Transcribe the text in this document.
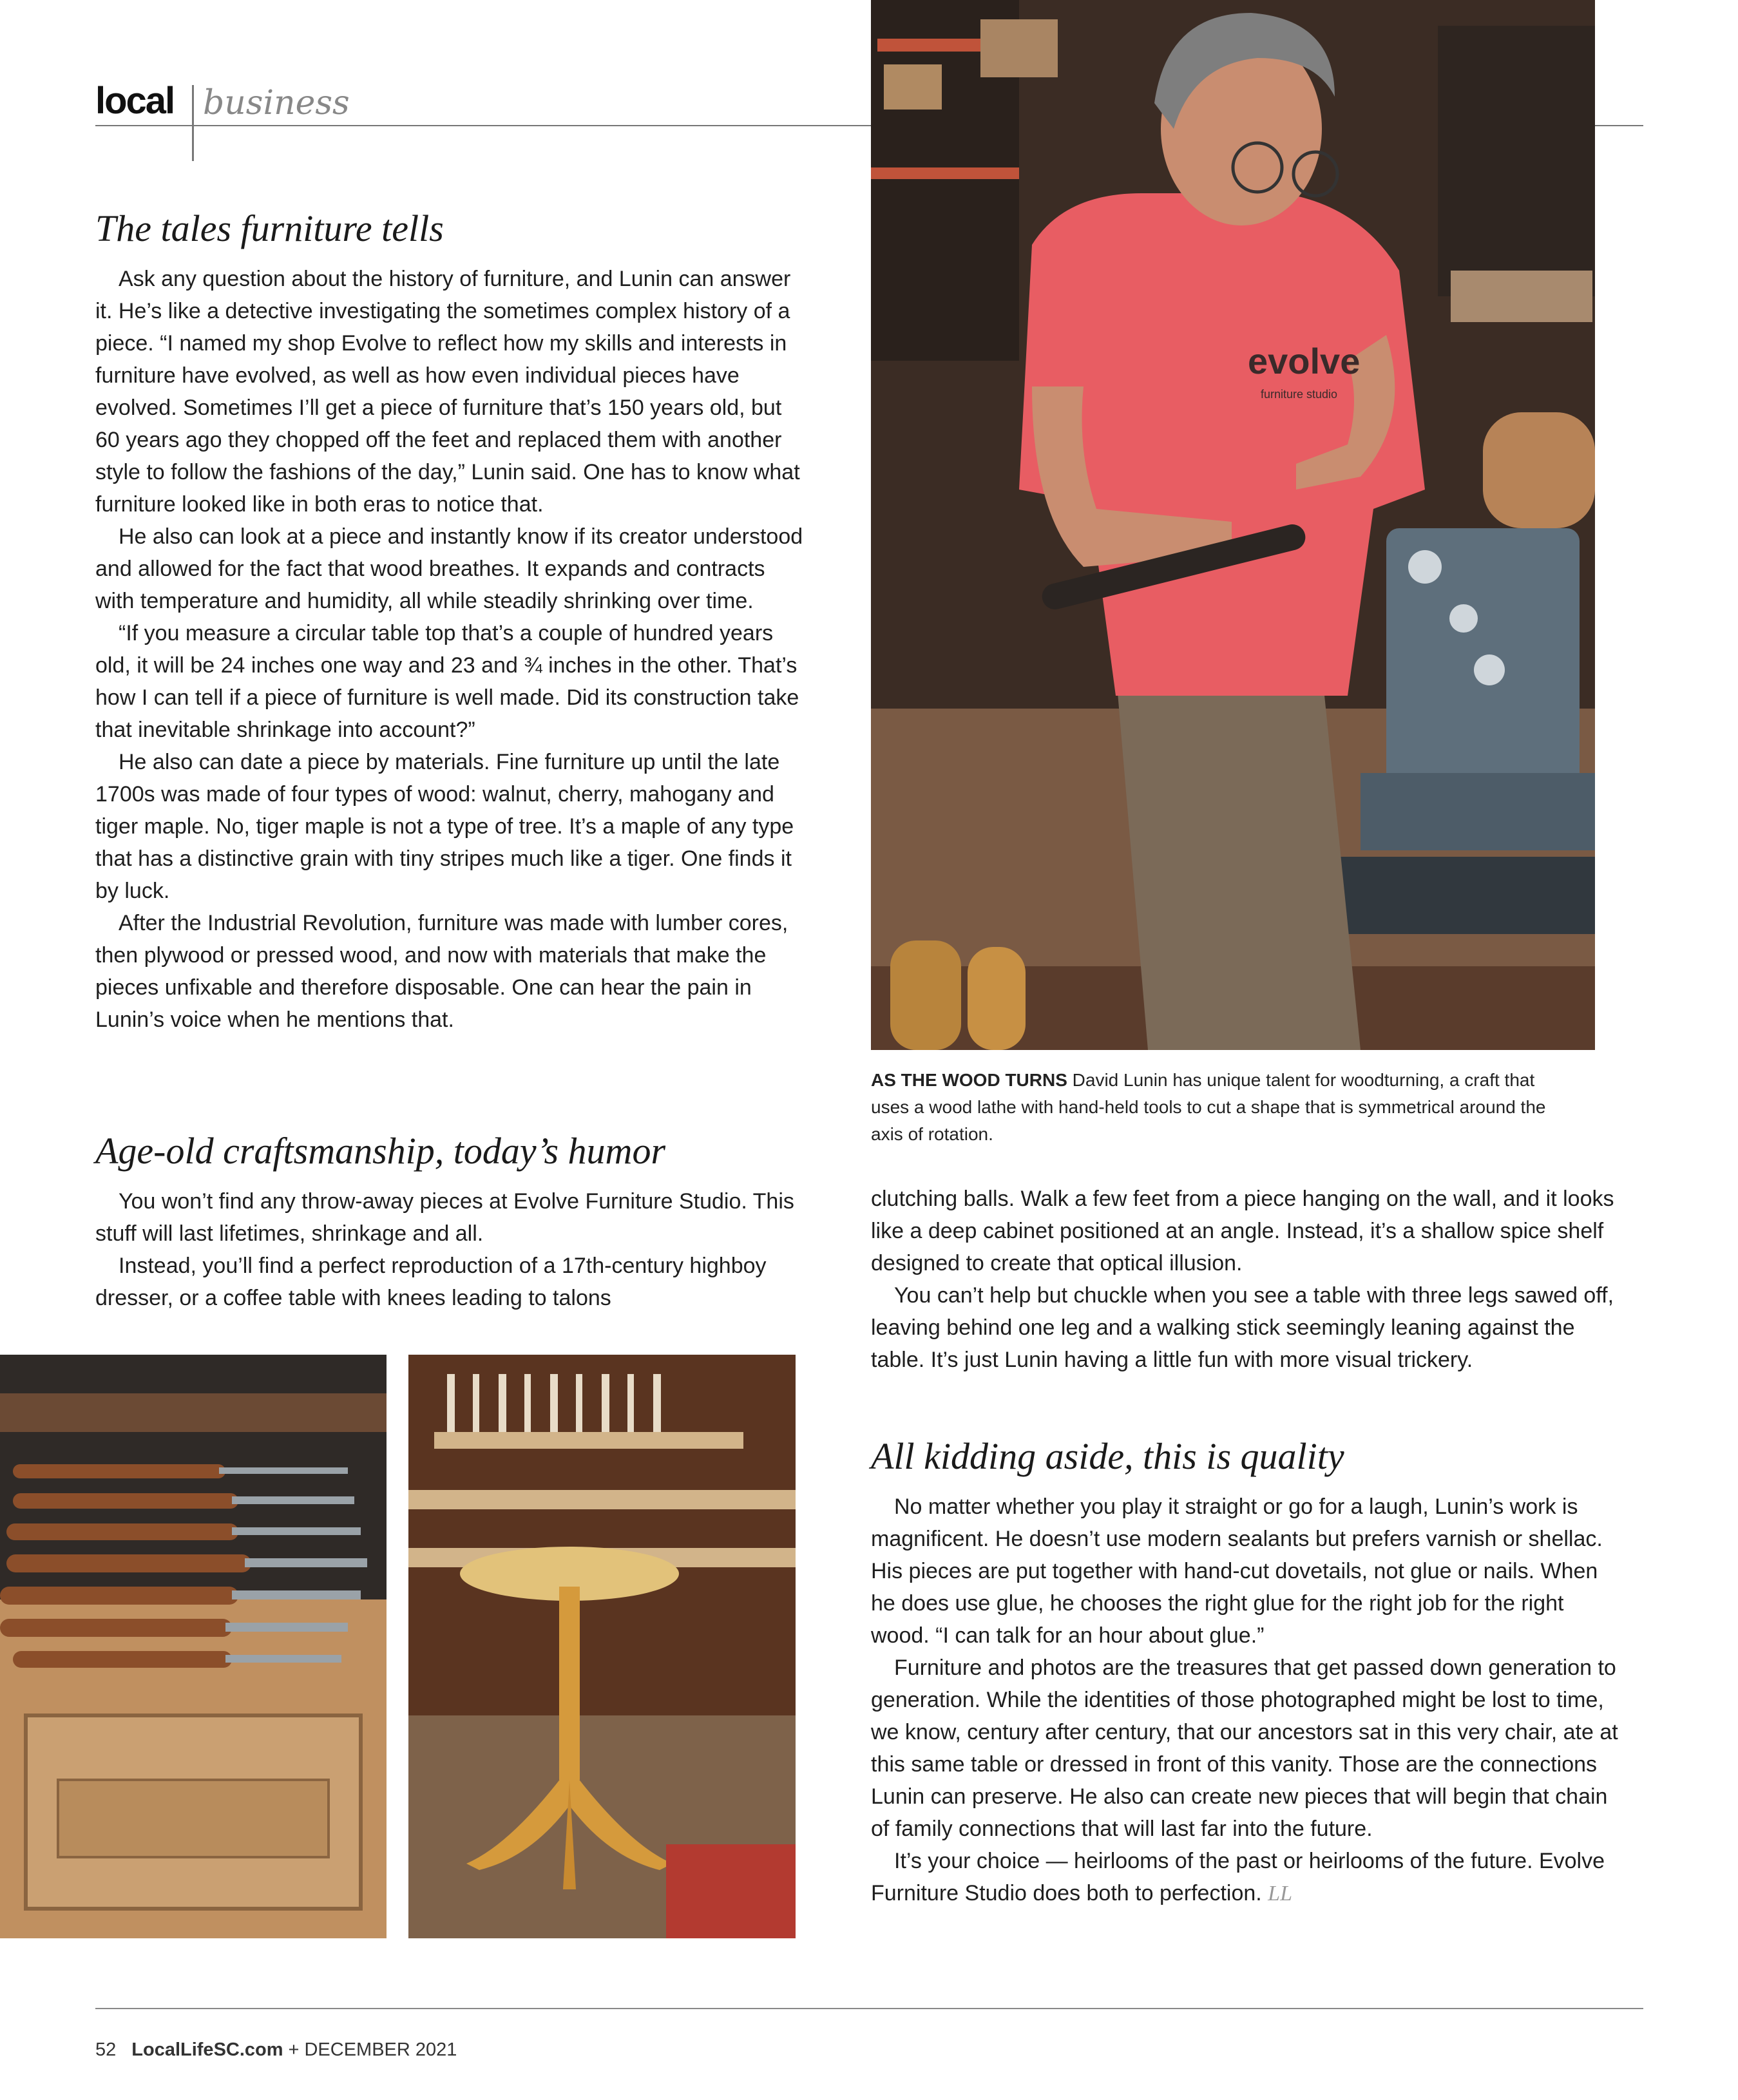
local business
evolve
furniture studio
AS THE WOOD TURNS David Lunin has unique talent for woodturning, a craft that uses a wood lathe with hand-held tools to cut a shape that is symmetrical around the axis of rotation.
The tales furniture tells

Ask any question about the history of furniture, and Lunin can answer it. He’s like a detective investigating the sometimes complex history of a piece. “I named my shop Evolve to reflect how my skills and interests in furniture have evolved, as well as how even individual pieces have evolved. Sometimes I’ll get a piece of furniture that’s 150 years old, but 60 years ago they chopped off the feet and replaced them with another style to follow the fashions of the day,” Lunin said. One has to know what furniture looked like in both eras to notice that.

He also can look at a piece and instantly know if its creator understood and allowed for the fact that wood breathes. It expands and contracts with temperature and humidity, all while steadily shrinking over time.

“If you measure a circular table top that’s a couple of hundred years old, it will be 24 inches one way and 23 and ¾ inches in the other. That’s how I can tell if a piece of furniture is well made. Did its construction take that inevitable shrinkage into account?”

He also can date a piece by materials. Fine furniture up until the late 1700s was made of four types of wood: walnut, cherry, mahogany and tiger maple. No, tiger maple is not a type of tree. It’s a maple of any type that has a distinctive grain with tiny stripes much like a tiger. One finds it by luck.

After the Industrial Revolution, furniture was made with lumber cores, then plywood or pressed wood, and now with materials that make the pieces unfixable and therefore disposable. One can hear the pain in Lunin’s voice when he mentions that.

Age-old craftsmanship, today’s humor

You won’t find any throw-away pieces at Evolve Furniture Studio. This stuff will last lifetimes, shrinkage and all.

Instead, you’ll find a perfect reproduction of a 17th-century highboy dresser, or a coffee table with knees leading to talons

clutching balls. Walk a few feet from a piece hanging on the wall, and it looks like a deep cabinet positioned at an angle. Instead, it’s a shallow spice shelf designed to create that optical illusion.

You can’t help but chuckle when you see a table with three legs sawed off, leaving behind one leg and a walking stick seemingly leaning against the table. It’s just Lunin having a little fun with more visual trickery.

All kidding aside, this is quality

No matter whether you play it straight or go for a laugh, Lunin’s work is magnificent. He doesn’t use modern sealants but prefers varnish or shellac. His pieces are put together with hand-cut dovetails, not glue or nails. When he does use glue, he chooses the right glue for the right job for the right wood. “I can talk for an hour about glue.”

Furniture and photos are the treasures that get passed down generation to generation. While the identities of those photographed might be lost to time, we know, century after century, that our ancestors sat in this very chair, ate at this same table or dressed in front of this vanity. Those are the connections Lunin can preserve. He also can create new pieces that will begin that chain of family connections that will last far into the future.

It’s your choice — heirlooms of the past or heirlooms of the future. Evolve Furniture Studio does both to perfection. LL

52 LocalLifeSC.com + DECEMBER 2021
